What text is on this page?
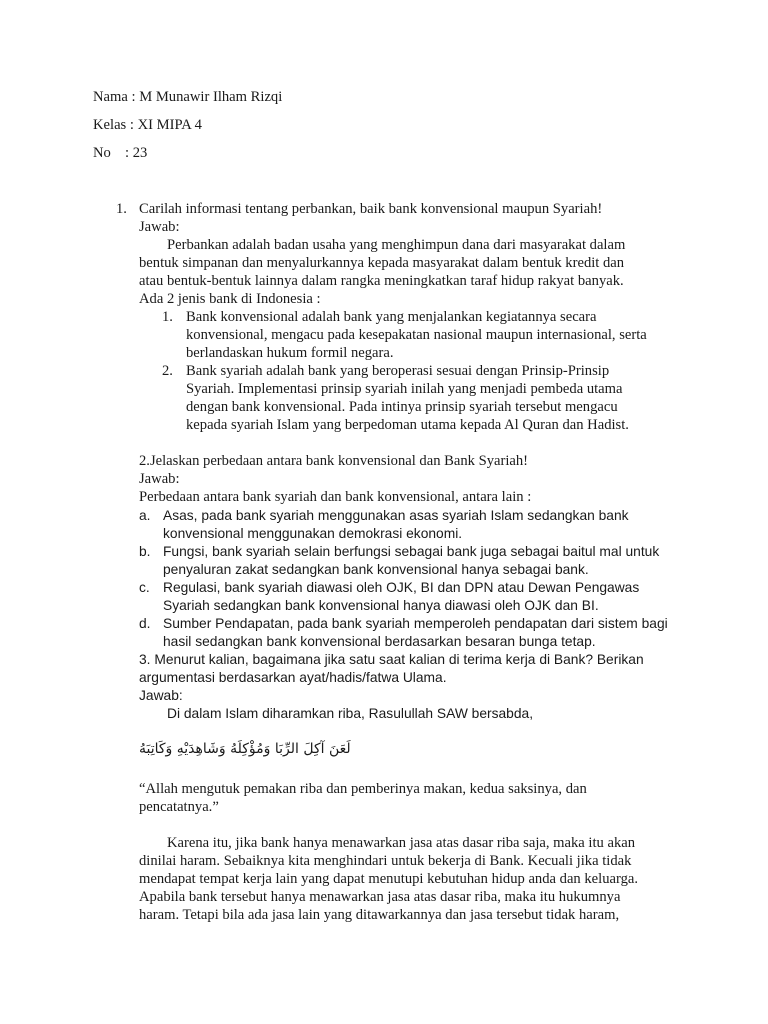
Nama : M Munawir Ilham Rizqi
Kelas : XI MIPA 4
No : 23
1. Carilah informasi tentang perbankan, baik bank konvensional maupun Syariah!
Jawab:
Perbankan adalah badan usaha yang menghimpun dana dari masyarakat dalam
bentuk simpanan dan menyalurkannya kepada masyarakat dalam bentuk kredit dan
atau bentuk-bentuk lainnya dalam rangka meningkatkan taraf hidup rakyat banyak.
Ada 2 jenis bank di Indonesia :
1. Bank konvensional adalah bank yang menjalankan kegiatannya secara
konvensional, mengacu pada kesepakatan nasional maupun internasional, serta
berlandaskan hukum formil negara.
2. Bank syariah adalah bank yang beroperasi sesuai dengan Prinsip-Prinsip
Syariah. Implementasi prinsip syariah inilah yang menjadi pembeda utama
dengan bank konvensional. Pada intinya prinsip syariah tersebut mengacu
kepada syariah Islam yang berpedoman utama kepada Al Quran dan Hadist.
2.Jelaskan perbedaan antara bank konvensional dan Bank Syariah!
Jawab:
Perbedaan antara bank syariah dan bank konvensional, antara lain :
a. Asas, pada bank syariah menggunakan asas syariah Islam sedangkan bank
konvensional menggunakan demokrasi ekonomi.
b. Fungsi, bank syariah selain berfungsi sebagai bank juga sebagai baitul mal untuk
penyaluran zakat sedangkan bank konvensional hanya sebagai bank.
c. Regulasi, bank syariah diawasi oleh OJK, BI dan DPN atau Dewan Pengawas
Syariah sedangkan bank konvensional hanya diawasi oleh OJK dan BI.
d. Sumber Pendapatan, pada bank syariah memperoleh pendapatan dari sistem bagi
hasil sedangkan bank konvensional berdasarkan besaran bunga tetap.
3. Menurut kalian, bagaimana jika satu saat kalian di terima kerja di Bank? Berikan
argumentasi berdasarkan ayat/hadis/fatwa Ulama.
Jawab:
Di dalam Islam diharamkan riba, Rasulullah SAW bersabda,
لَعَنَ آكِلَ الرِّبَا وَمُؤْكِلَهُ وَشَاهِدَيْهِ وَكَاتِبَهُ
“Allah mengutuk pemakan riba dan pemberinya makan, kedua saksinya, dan
pencatatnya.”
Karena itu, jika bank hanya menawarkan jasa atas dasar riba saja, maka itu akan
dinilai haram. Sebaiknya kita menghindari untuk bekerja di Bank. Kecuali jika tidak
mendapat tempat kerja lain yang dapat menutupi kebutuhan hidup anda dan keluarga.
Apabila bank tersebut hanya menawarkan jasa atas dasar riba, maka itu hukumnya
haram. Tetapi bila ada jasa lain yang ditawarkannya dan jasa tersebut tidak haram,
